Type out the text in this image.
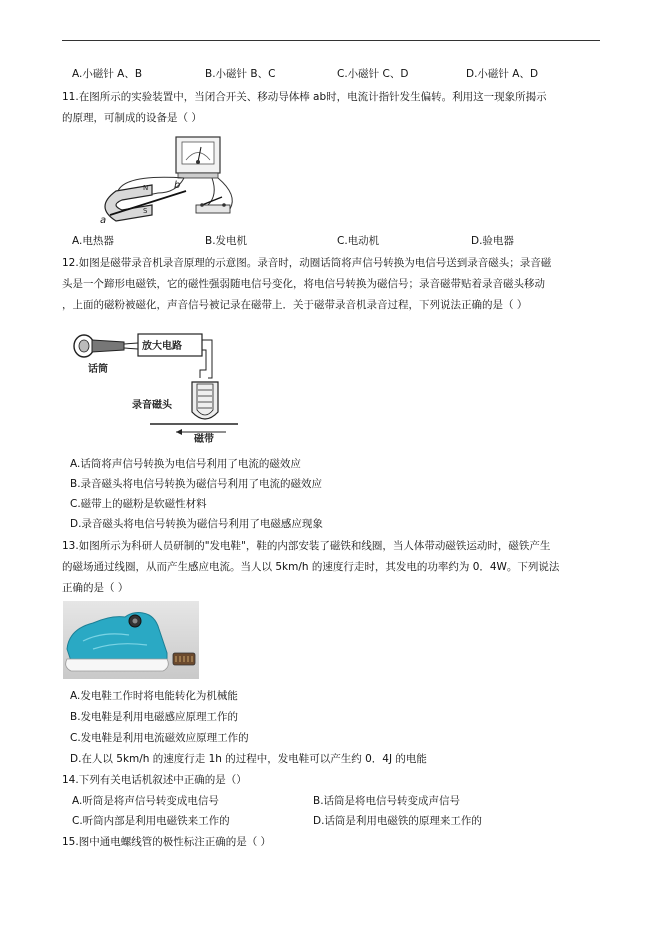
A.小磁针 A、B	B.小磁针 B、C	C.小磁针 C、D	D.小磁针 A、D
11.在图所示的实验装置中，当闭合开关、移动导体棒 ab时，电流计指针发生偏转。利用这一现象所揭示
的原理，可制成的设备是（ ）
N
S
a
b
A.电热器	B.发电机	C.电动机	D.验电器
12.如图是磁带录音机录音原理的示意图。录音时，动圈话筒将声信号转换为电信号送到录音磁头；录音磁
头是一个蹄形电磁铁，它的磁性强弱随电信号变化，将电信号转换为磁信号；录音磁带贴着录音磁头移动
，上面的磁粉被磁化，声音信号被记录在磁带上．关于磁带录音机录音过程，下列说法正确的是（ ）
话筒
放大电路
录音磁头
磁带
A.话筒将声信号转换为电信号利用了电流的磁效应
B.录音磁头将电信号转换为磁信号利用了电流的磁效应
C.磁带上的磁粉是软磁性材料
D.录音磁头将电信号转换为磁信号利用了电磁感应现象
13.如图所示为科研人员研制的"发电鞋"，鞋的内部安装了磁铁和线圈，当人体带动磁铁运动时，磁铁产生
的磁场通过线圈，从而产生感应电流。当人以 5km/h 的速度行走时，其发电的功率约为 0．4W。下列说法
正确的是（ ）
A.发电鞋工作时将电能转化为机械能
B.发电鞋是利用电磁感应原理工作的
C.发电鞋是利用电流磁效应原理工作的
D.在人以 5km/h 的速度行走 1h 的过程中，发电鞋可以产生约 0．4J 的电能
14.下列有关电话机叙述中正确的是（）
A.听筒是将声信号转变成电信号	B.话筒是将电信号转变成声信号
C.听筒内部是利用电磁铁来工作的	D.话筒是利用电磁铁的原理来工作的
15.图中通电螺线管的极性标注正确的是（ ）
